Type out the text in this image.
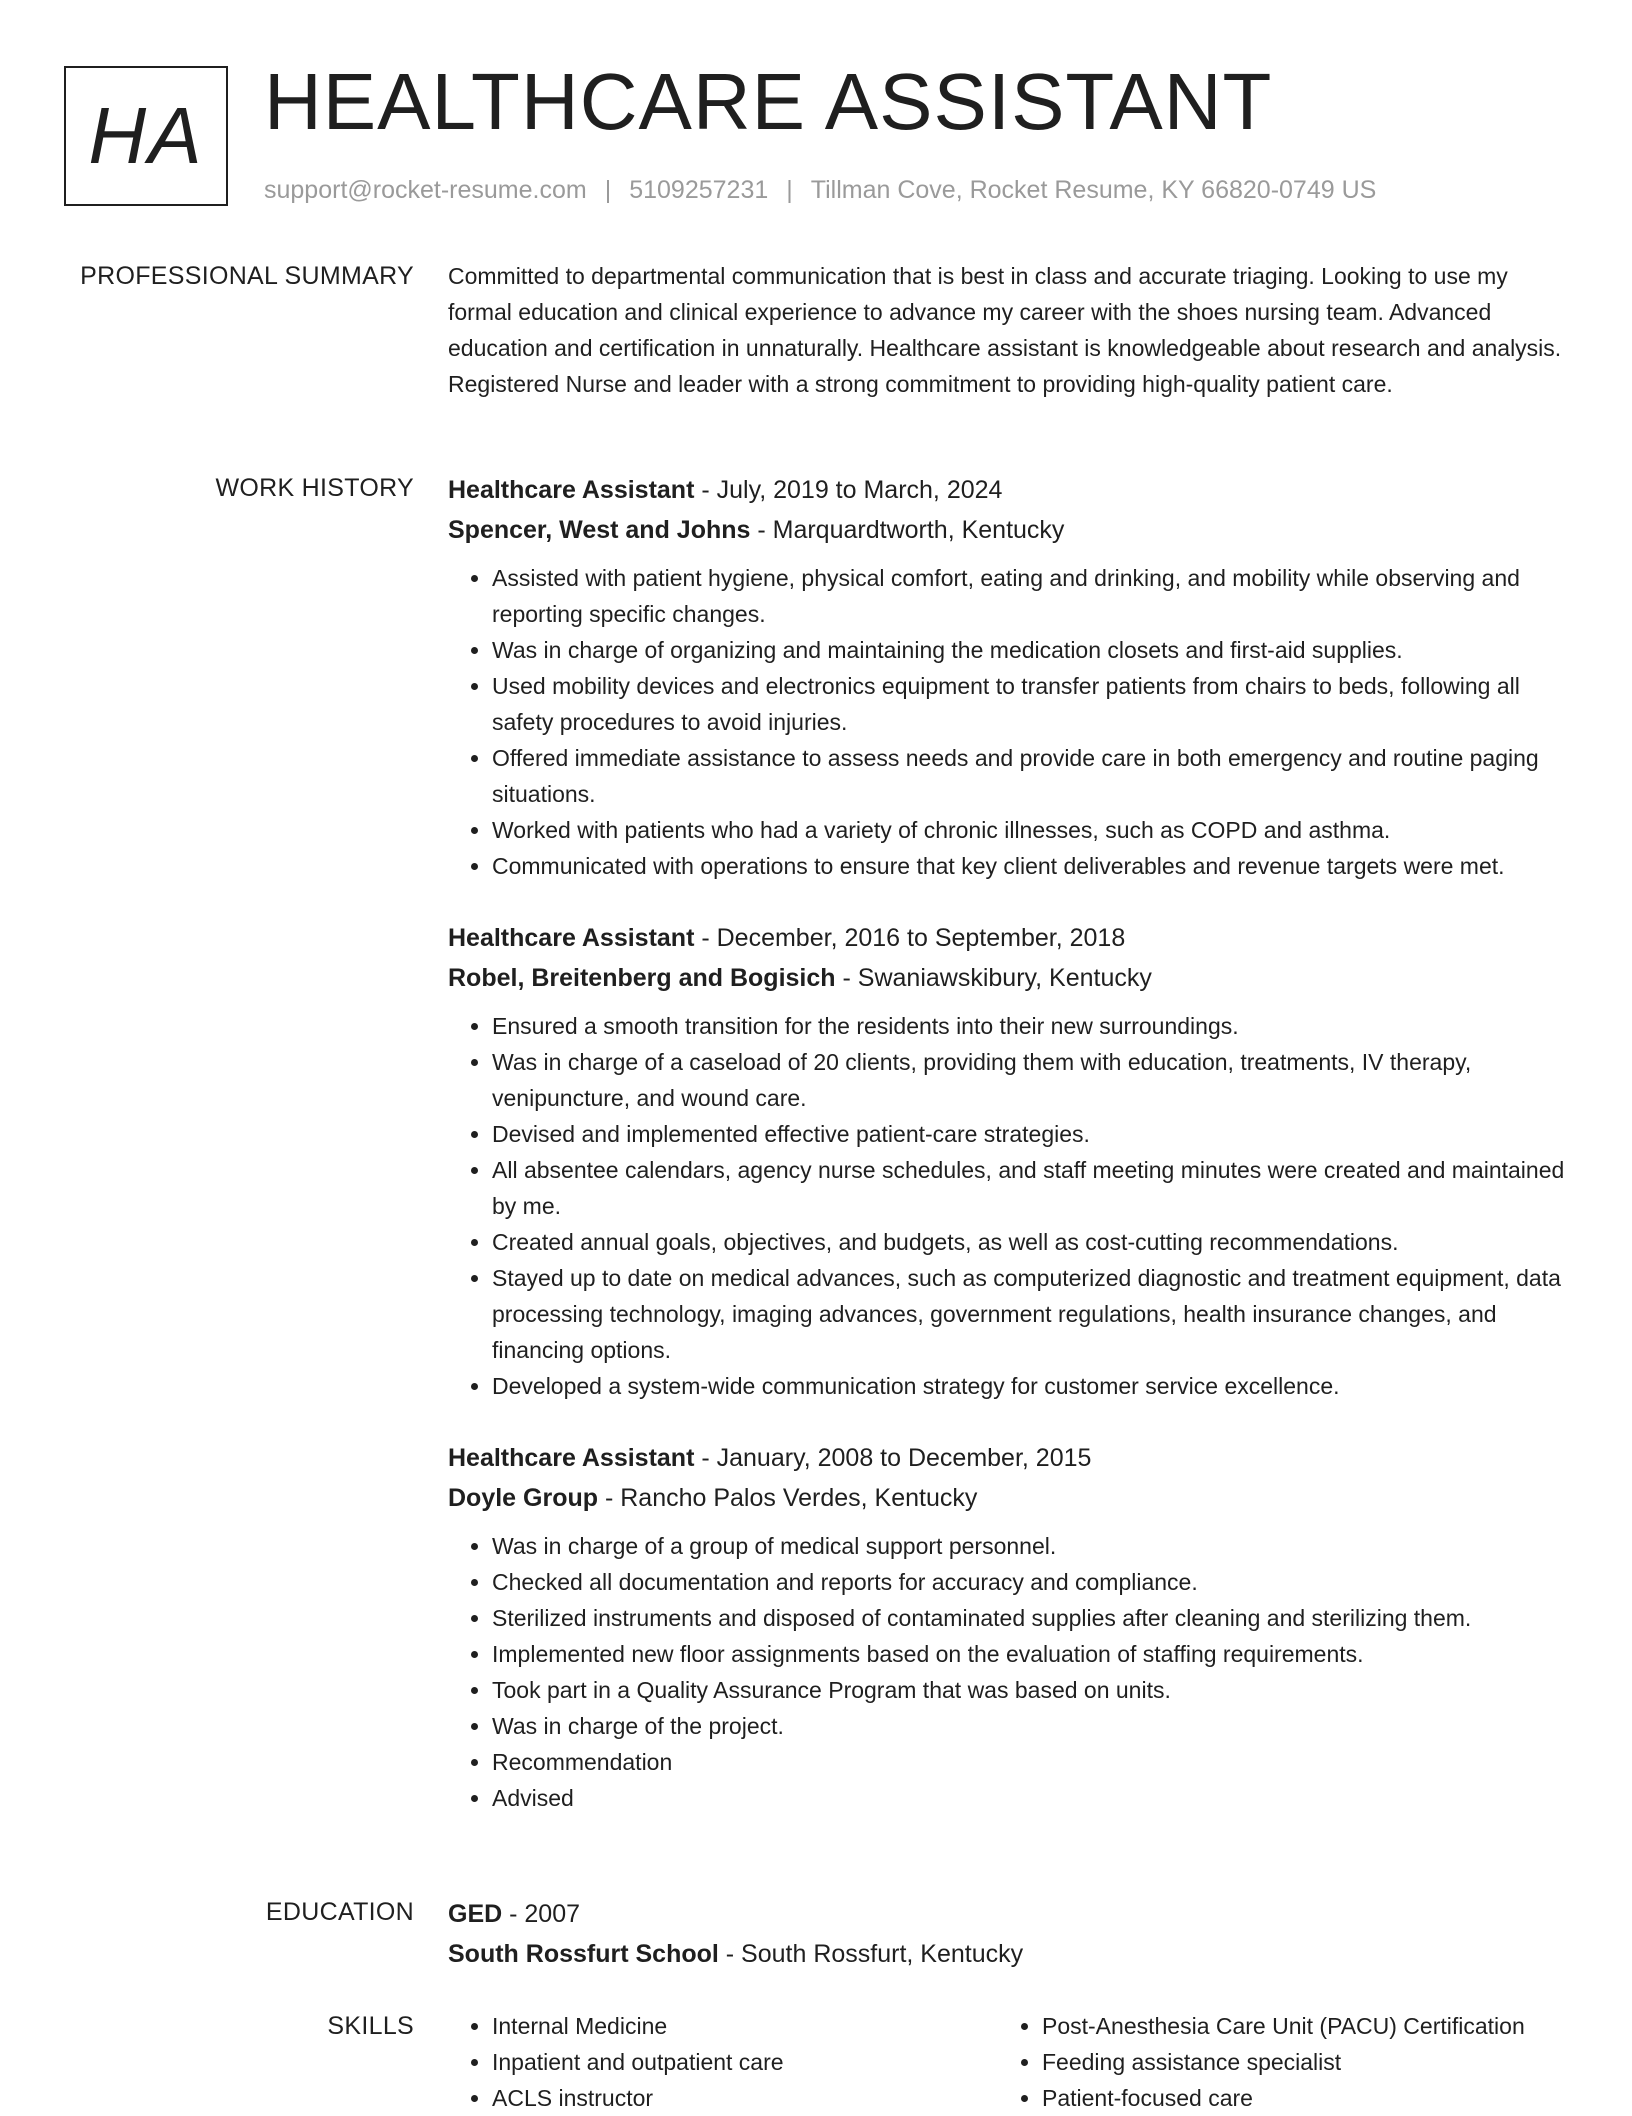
HA HEALTHCARE ASSISTANT
support@rocket-resume.com | 5109257231 | Tillman Cove, Rocket Resume, KY 66820-0749 US
PROFESSIONAL SUMMARY Committed to departmental communication that is best in class and accurate triaging. Looking to use my formal education and clinical experience to advance my career with the shoes nursing team. Advanced education and certification in unnaturally. Healthcare assistant is knowledgeable about research and analysis. Registered Nurse and leader with a strong commitment to providing high-quality patient care.
WORK HISTORY Healthcare Assistant - July, 2019 to March, 2024
Spencer, West and Johns - Marquardtworth, Kentucky
• Assisted with patient hygiene, physical comfort, eating and drinking, and mobility while observing and reporting specific changes.
• Was in charge of organizing and maintaining the medication closets and first-aid supplies.
• Used mobility devices and electronics equipment to transfer patients from chairs to beds, following all safety procedures to avoid injuries.
• Offered immediate assistance to assess needs and provide care in both emergency and routine paging situations.
• Worked with patients who had a variety of chronic illnesses, such as COPD and asthma.
• Communicated with operations to ensure that key client deliverables and revenue targets were met.
Healthcare Assistant - December, 2016 to September, 2018
Robel, Breitenberg and Bogisich - Swaniawskibury, Kentucky
• Ensured a smooth transition for the residents into their new surroundings.
• Was in charge of a caseload of 20 clients, providing them with education, treatments, IV therapy, venipuncture, and wound care.
• Devised and implemented effective patient-care strategies.
• All absentee calendars, agency nurse schedules, and staff meeting minutes were created and maintained by me.
• Created annual goals, objectives, and budgets, as well as cost-cutting recommendations.
• Stayed up to date on medical advances, such as computerized diagnostic and treatment equipment, data processing technology, imaging advances, government regulations, health insurance changes, and financing options.
• Developed a system-wide communication strategy for customer service excellence.
Healthcare Assistant - January, 2008 to December, 2015
Doyle Group - Rancho Palos Verdes, Kentucky
• Was in charge of a group of medical support personnel.
• Checked all documentation and reports for accuracy and compliance.
• Sterilized instruments and disposed of contaminated supplies after cleaning and sterilizing them.
• Implemented new floor assignments based on the evaluation of staffing requirements.
• Took part in a Quality Assurance Program that was based on units.
• Was in charge of the project.
• Recommendation
• Advised
EDUCATION GED - 2007
South Rossfurt School - South Rossfurt, Kentucky
SKILLS
•	Internal Medicine
• Inpatient and outpatient care
• ACLS instructor
• Post-Anesthesia Care Unit (PACU) Certification
• Feeding assistance specialist
• Patient-focused care
